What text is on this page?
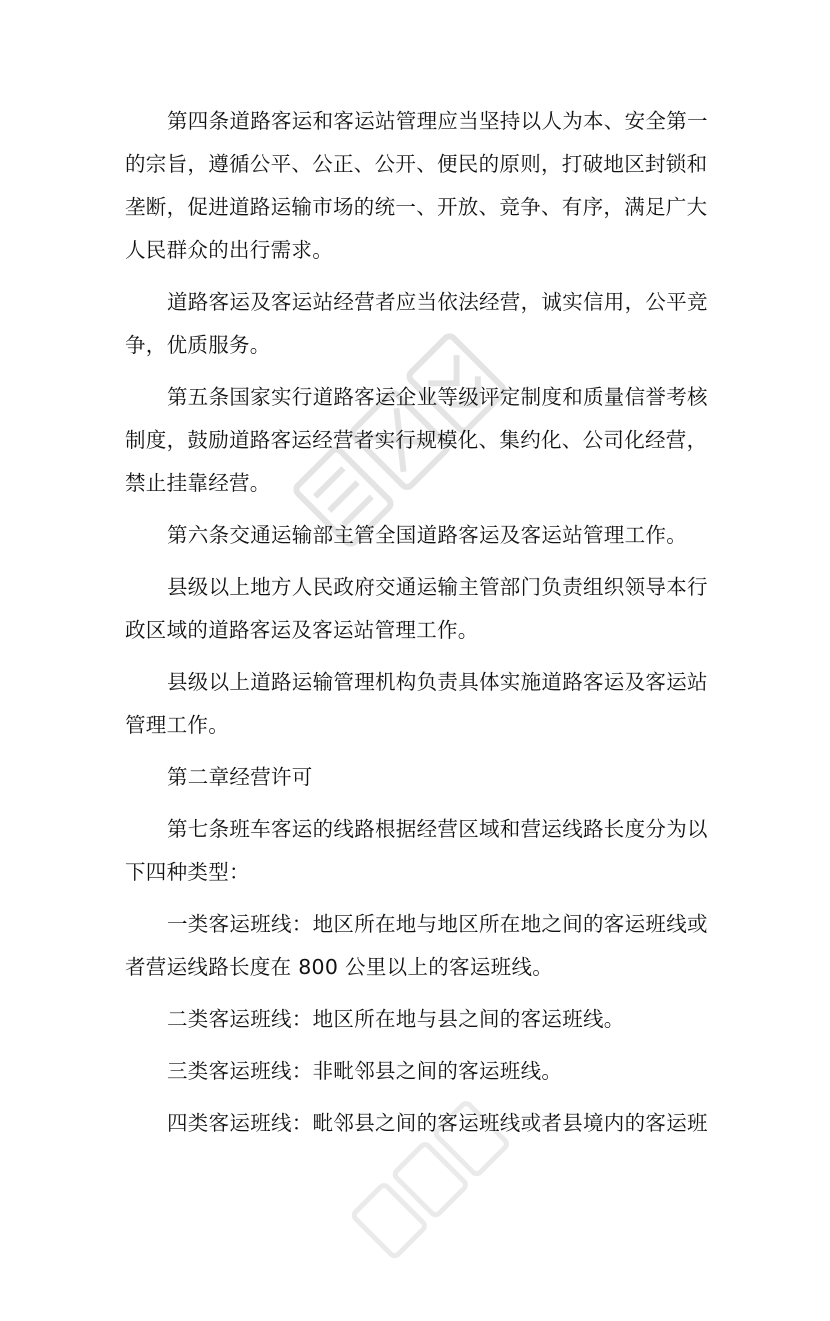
第四条道路客运和客运站管理应当坚持以人为本、安全第一的宗旨，遵循公平、公正、公开、便民的原则，打破地区封锁和垄断，促进道路运输市场的统一、开放、竞争、有序，满足广大人民群众的出行需求。

道路客运及客运站经营者应当依法经营，诚实信用，公平竞争，优质服务。

第五条国家实行道路客运企业等级评定制度和质量信誉考核制度，鼓励道路客运经营者实行规模化、集约化、公司化经营，禁止挂靠经营。

第六条交通运输部主管全国道路客运及客运站管理工作。

县级以上地方人民政府交通运输主管部门负责组织领导本行政区域的道路客运及客运站管理工作。

县级以上道路运输管理机构负责具体实施道路客运及客运站管理工作。

第二章经营许可

第七条班车客运的线路根据经营区域和营运线路长度分为以下四种类型：

一类客运班线：地区所在地与地区所在地之间的客运班线或者营运线路长度在 800 公里以上的客运班线。

二类客运班线：地区所在地与县之间的客运班线。

三类客运班线：非毗邻县之间的客运班线。

四类客运班线：毗邻县之间的客运班线或者县境内的客运班
